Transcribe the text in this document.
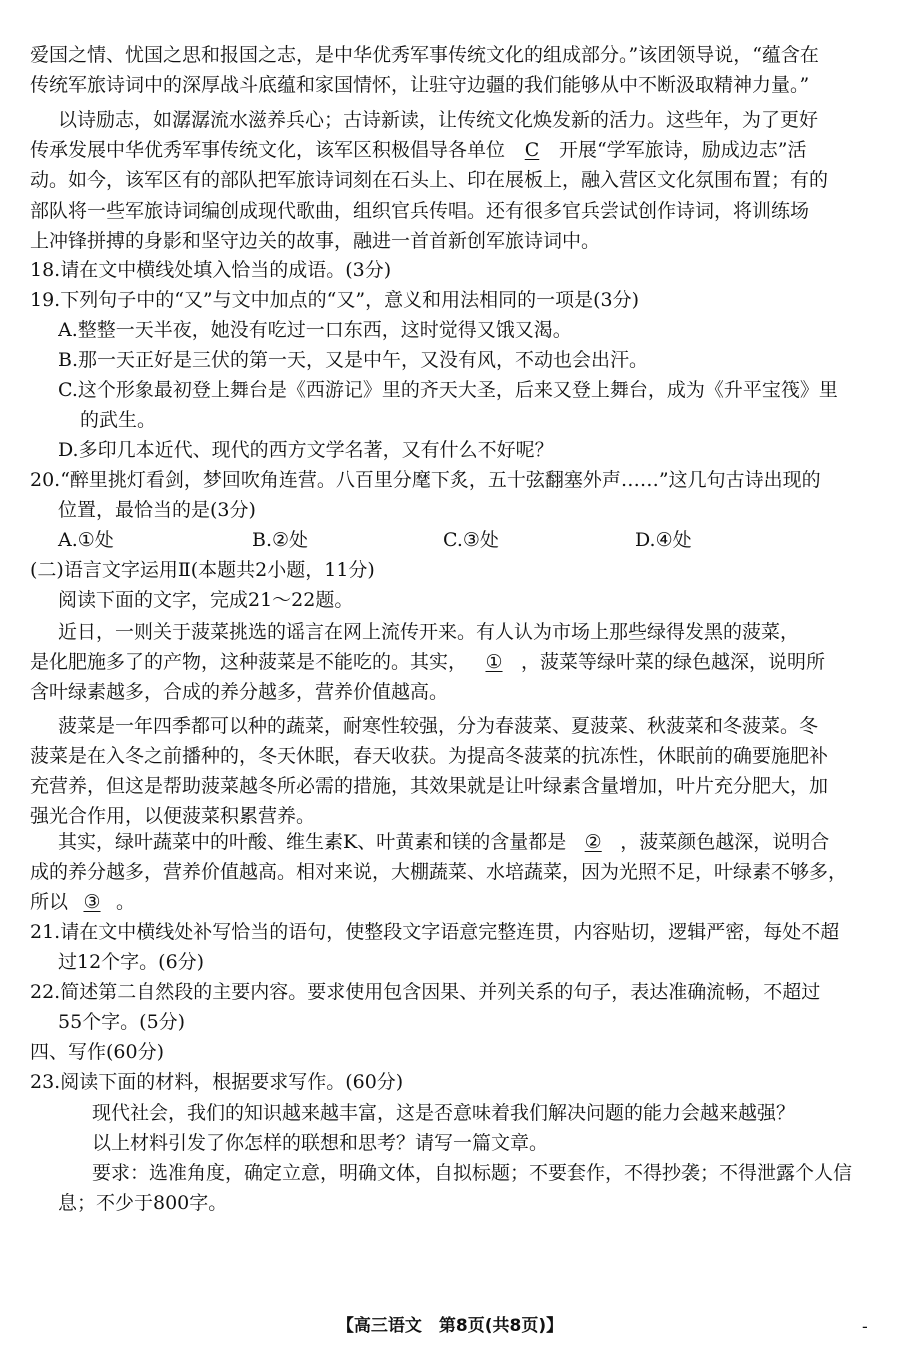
爱国之情、忧国之思和报国之志，是中华优秀军事传统文化的组成部分。”该团领导说，“蕴含在
传统军旅诗词中的深厚战斗底蕴和家国情怀，让驻守边疆的我们能够从中不断汲取精神力量。”
以诗励志，如潺潺流水滋养兵心；古诗新读，让传统文化焕发新的活力。这些年，为了更好
传承发展中华优秀军事传统文化，该军区积极倡导各单位 C 开展“学军旅诗，励成边志”活
动。如今，该军区有的部队把军旅诗词刻在石头上、印在展板上，融入营区文化氛围布置；有的
部队将一些军旅诗词编创成现代歌曲，组织官兵传唱。还有很多官兵尝试创作诗词，将训练场
上冲锋拼搏的身影和坚守边关的故事，融进一首首新创军旅诗词中。
18.请在文中横线处填入恰当的成语。(3分)
19.下列句子中的“又”与文中加点的“又”，意义和用法相同的一项是(3分)
A.整整一天半夜，她没有吃过一口东西，这时觉得又饿又渴。
B.那一天正好是三伏的第一天，又是中午，又没有风，不动也会出汗。
C.这个形象最初登上舞台是《西游记》里的齐天大圣，后来又登上舞台，成为《升平宝筏》里
的武生。
D.多印几本近代、现代的西方文学名著，又有什么不好呢？
20.“醉里挑灯看剑，梦回吹角连营。八百里分麾下炙，五十弦翻塞外声……”这几句古诗出现的
位置，最恰当的是(3分)
A.①处	B.②处	C.③处	D.④处
(二)语言文字运用Ⅱ(本题共2小题，11分)
阅读下面的文字，完成21～22题。
近日，一则关于菠菜挑选的谣言在网上流传开来。有人认为市场上那些绿得发黑的菠菜，
是化肥施多了的产物，这种菠菜是不能吃的。其实， ① ，菠菜等绿叶菜的绿色越深，说明所
含叶绿素越多，合成的养分越多，营养价值越高。
菠菜是一年四季都可以种的蔬菜，耐寒性较强，分为春菠菜、夏菠菜、秋菠菜和冬菠菜。冬
菠菜是在入冬之前播种的，冬天休眠，春天收获。为提高冬菠菜的抗冻性，休眠前的确要施肥补
充营养，但这是帮助菠菜越冬所必需的措施，其效果就是让叶绿素含量增加，叶片充分肥大，加
强光合作用，以便菠菜积累营养。
其实，绿叶蔬菜中的叶酸、维生素K、叶黄素和镁的含量都是 ② ，菠菜颜色越深，说明合
成的养分越多，营养价值越高。相对来说，大棚蔬菜、水培蔬菜，因为光照不足，叶绿素不够多，
所以 ③ 。
21.请在文中横线处补写恰当的语句，使整段文字语意完整连贯，内容贴切，逻辑严密，每处不超
过12个字。(6分)
22.简述第二自然段的主要内容。要求使用包含因果、并列关系的句子，表达准确流畅，不超过
55个字。(5分)
四、写作(60分)
23.阅读下面的材料，根据要求写作。(60分)
现代社会，我们的知识越来越丰富，这是否意味着我们解决问题的能力会越来越强？
以上材料引发了你怎样的联想和思考？请写一篇文章。
要求：选准角度，确定立意，明确文体，自拟标题；不要套作，不得抄袭；不得泄露个人信
息；不少于800字。
【高三语文　第8页(共8页)】	-
